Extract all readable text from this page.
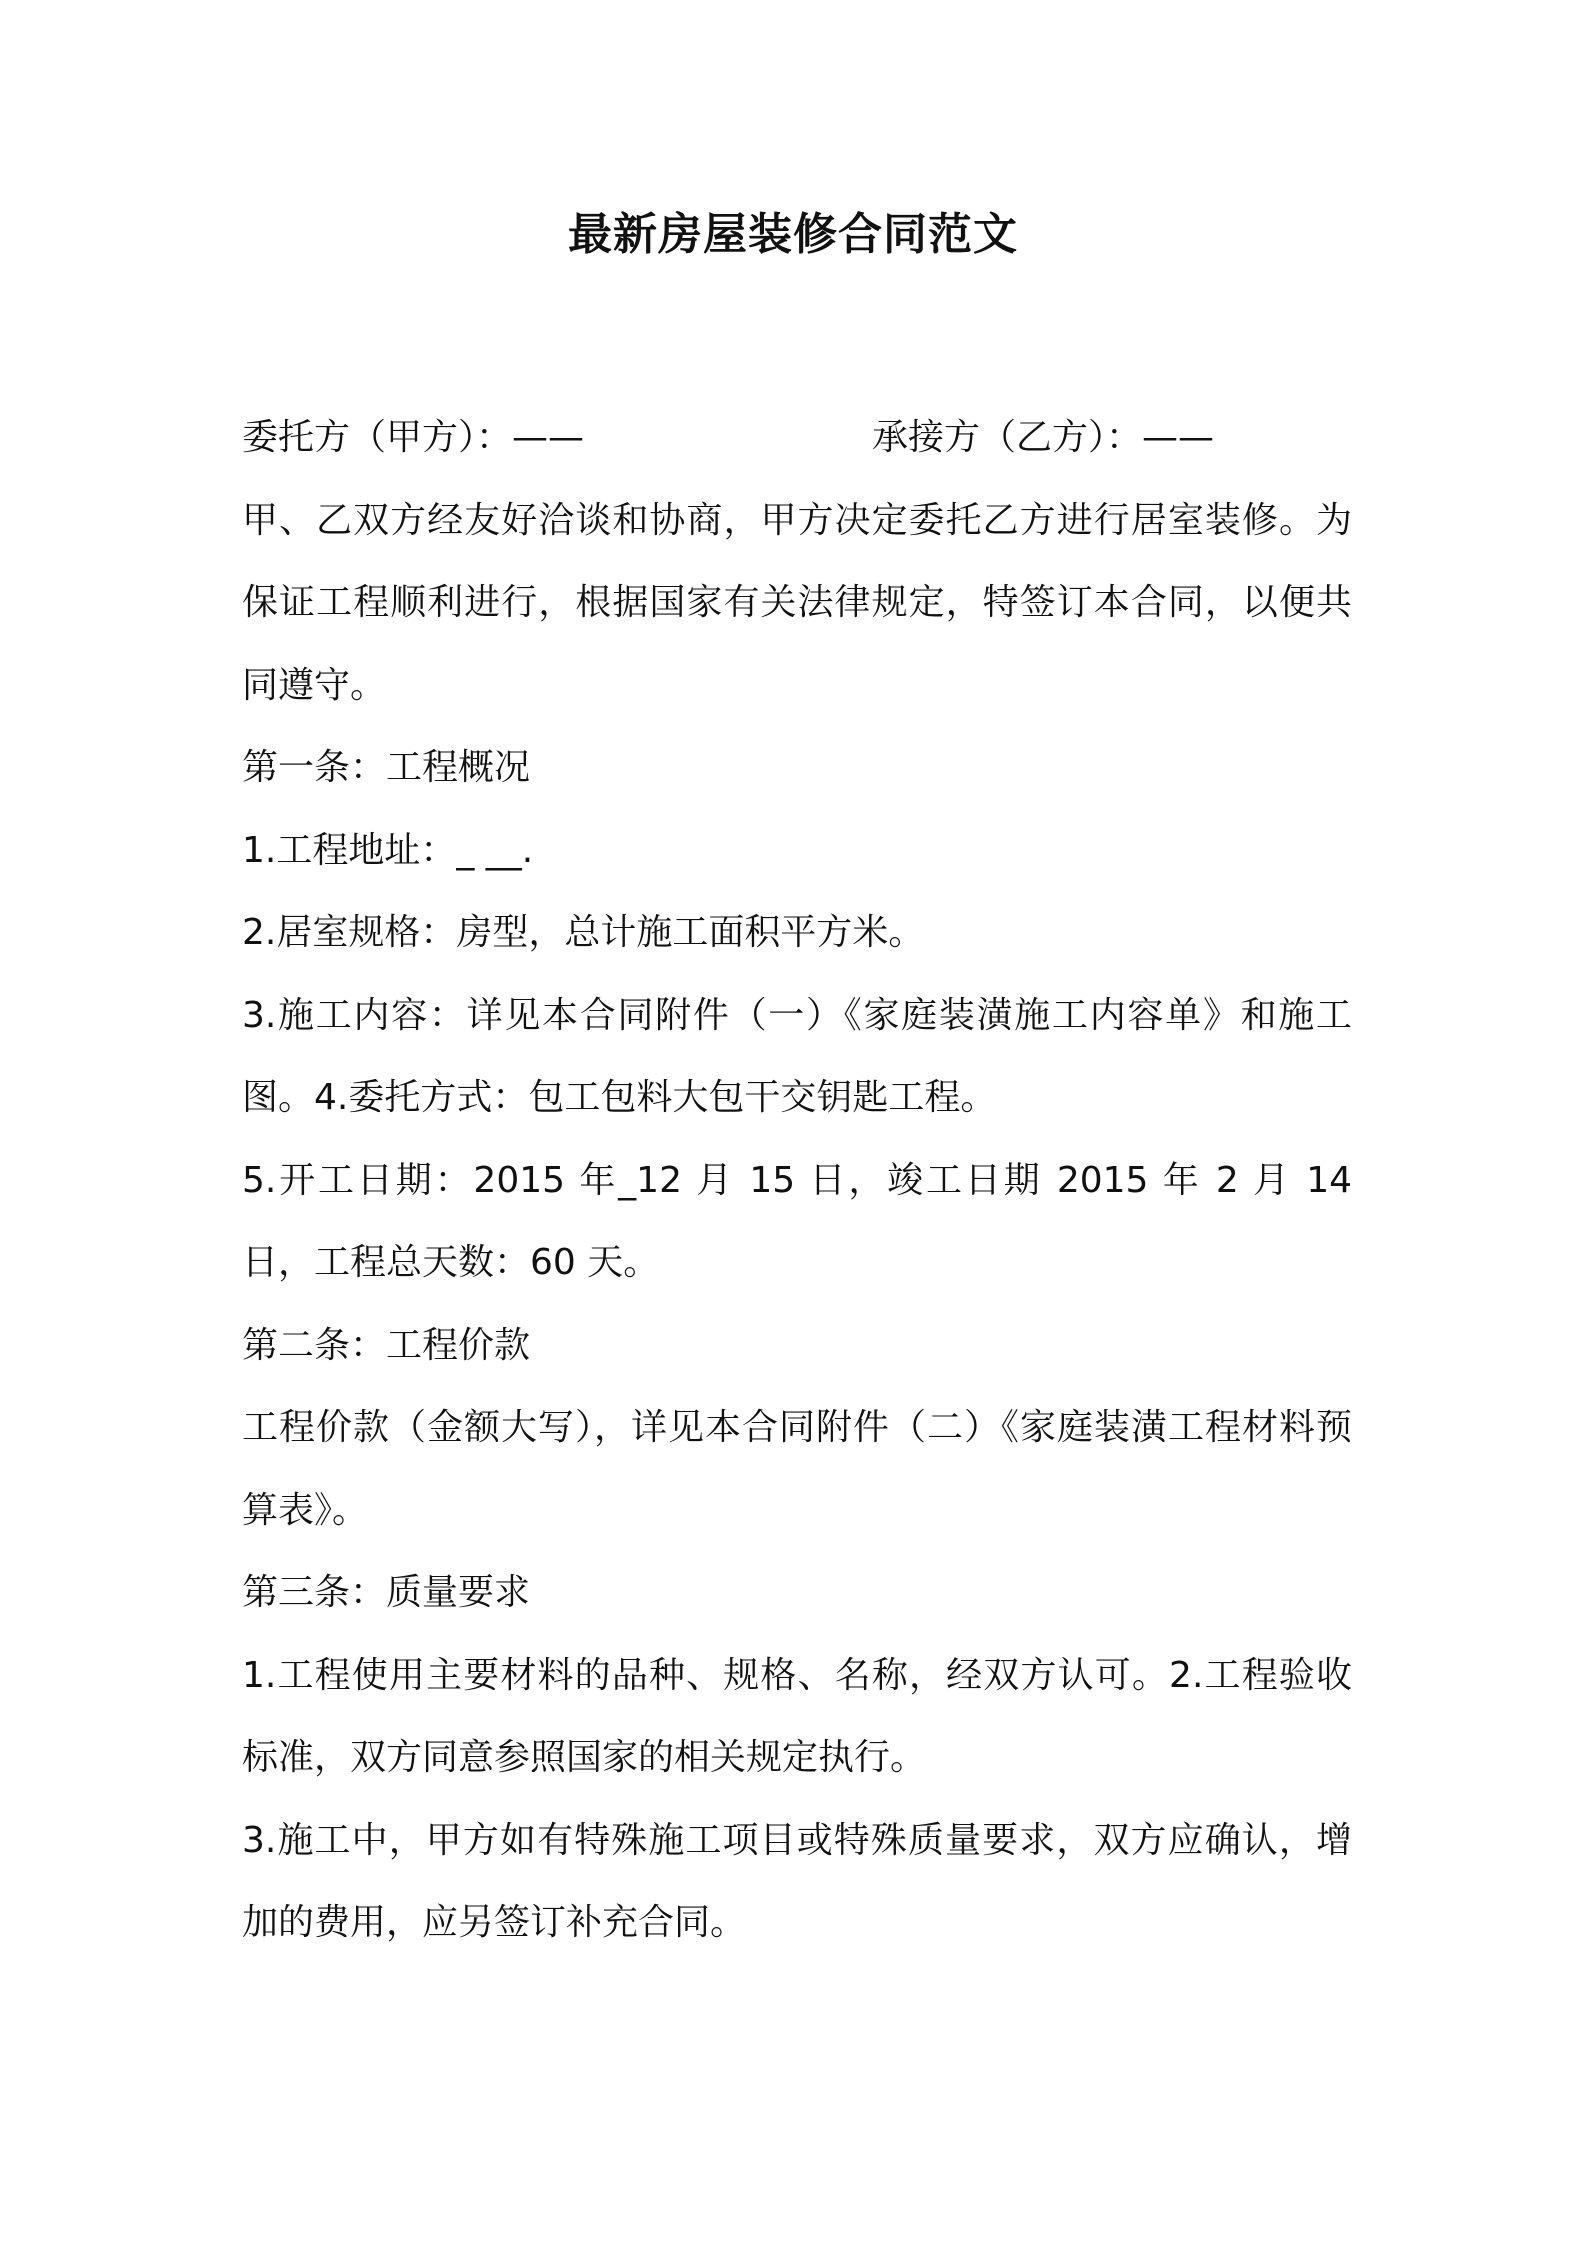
最新房屋装修合同范文
委托方（甲方）：——	承接方（乙方）：——

甲、乙双方经友好洽谈和协商，甲方决定委托乙方进行居室装修。为保证工程顺利进行，根据国家有关法律规定，特签订本合同，以便共同遵守。

第一条：工程概况

1.工程地址：_ __.

2.居室规格：房型，总计施工面积平方米。

3.施工内容：详见本合同附件（一）《家庭装潢施工内容单》和施工图。4.委托方式：包工包料大包干交钥匙工程。

5.开工日期：2015 年_12 月 15 日，竣工日期 2015 年 2 月 14 日，工程总天数：60 天。

第二条：工程价款

工程价款（金额大写），详见本合同附件（二）《家庭装潢工程材料预算表》。

第三条：质量要求

1.工程使用主要材料的品种、规格、名称，经双方认可。2.工程验收标准，双方同意参照国家的相关规定执行。

3.施工中，甲方如有特殊施工项目或特殊质量要求，双方应确认，增加的费用，应另签订补充合同。
